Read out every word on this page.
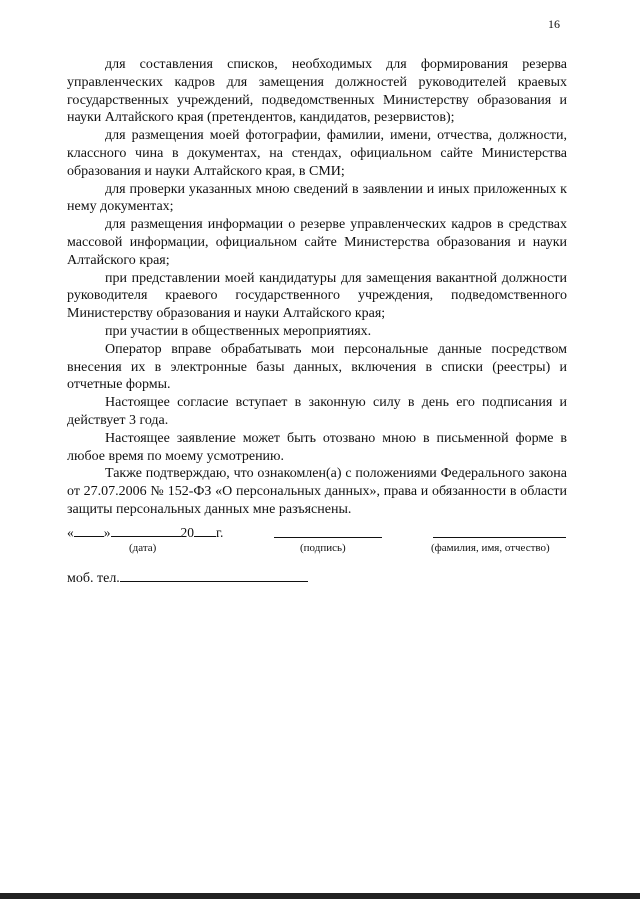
16

для составления списков, необходимых для формирования резерва управленческих кадров для замещения должностей руководителей краевых государственных учреждений, подведомственных Министерству образования и науки Алтайского края (претендентов, кандидатов, резервистов);

для размещения моей фотографии, фамилии, имени, отчества, должности, классного чина в документах, на стендах, официальном сайте Министерства образования и науки Алтайского края, в СМИ;

для проверки указанных мною сведений в заявлении и иных приложенных к нему документах;

для размещения информации о резерве управленческих кадров в средствах массовой информации, официальном сайте Министерства образования и науки Алтайского края;

при представлении моей кандидатуры для замещения вакантной должности руководителя краевого государственного учреждения, подведомственного Министерству образования и науки Алтайского края;

при участии в общественных мероприятиях.

Оператор вправе обрабатывать мои персональные данные посредством внесения их в электронные базы данных, включения в списки (реестры) и отчетные формы.

Настоящее согласие вступает в законную силу в день его подписания и действует 3 года.

Настоящее заявление может быть отозвано мною в письменной форме в любое время по моему усмотрению.

Также подтверждаю, что ознакомлен(а) с положениями Федерального закона от 27.07.2006 № 152-ФЗ «О персональных данных», права и обязанности в области защиты персональных данных мне разъяснены.

« »	20 г.
(дата)	(подпись)	(фамилия, имя, отчество)
моб. тел.
